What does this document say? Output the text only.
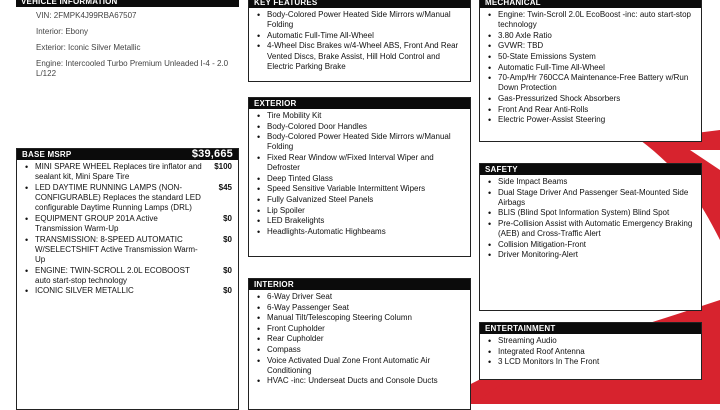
VEHICLE INFORMATION
VIN: 2FMPK4J99RBA67507
Interior: Ebony
Exterior: Iconic Silver Metallic
Engine: Intercooled Turbo Premium Unleaded I-4 - 2.0 L/122
BASE MSRP	$39,665
• MINI SPARE WHEEL Replaces tire inflator and sealant kit, Mini Spare Tire
$100
• LED DAYTIME RUNNING LAMPS (NON-CONFIGURABLE) Replaces the standard LED configurable Daytime Running Lamps (DRL)
$45
• EQUIPMENT GROUP 201A Active Transmission Warm-Up
$0
• TRANSMISSION: 8-SPEED AUTOMATIC W/SELECTSHIFT Active Transmission Warm-Up
$0
• ENGINE: TWIN-SCROLL 2.0L ECOBOOST auto start-stop technology
$0
• ICONIC SILVER METALLIC	$0
KEY FEATURES
• Body-Colored Power Heated Side Mirrors w/Manual Folding
• Automatic Full-Time All-Wheel
• 4-Wheel Disc Brakes w/4-Wheel ABS, Front And Rear Vented Discs, Brake Assist, Hill Hold Control and Electric Parking Brake
EXTERIOR
• Tire Mobility Kit
• Body-Colored Door Handles
• Body-Colored Power Heated Side Mirrors w/Manual Folding
• Fixed Rear Window w/Fixed Interval Wiper and Defroster
• Deep Tinted Glass
• Speed Sensitive Variable Intermittent Wipers
• Fully Galvanized Steel Panels
• Lip Spoiler
• LED Brakelights
• Headlights-Automatic Highbeams
INTERIOR
• 6-Way Driver Seat
• 6-Way Passenger Seat
• Manual Tilt/Telescoping Steering Column
• Front Cupholder
• Rear Cupholder
• Compass
• Voice Activated Dual Zone Front Automatic Air Conditioning
• HVAC -inc: Underseat Ducts and Console Ducts
MECHANICAL
• Engine: Twin-Scroll 2.0L EcoBoost -inc: auto start-stop technology
• 3.80 Axle Ratio
• GVWR: TBD
• 50-State Emissions System
• Automatic Full-Time All-Wheel
• 70-Amp/Hr 760CCA Maintenance-Free Battery w/Run Down Protection
• Gas-Pressurized Shock Absorbers
• Front And Rear Anti-Rolls
• Electric Power-Assist Steering
SAFETY
• Side Impact Beams
• Dual Stage Driver And Passenger Seat-Mounted Side Airbags
• BLIS (Blind Spot Information System) Blind Spot
• Pre-Collision Assist with Automatic Emergency Braking (AEB) and Cross-Traffic Alert
• Collision Mitigation-Front
• Driver Monitoring-Alert
ENTERTAINMENT
• Streaming Audio
• Integrated Roof Antenna
• 3 LCD Monitors In The Front
